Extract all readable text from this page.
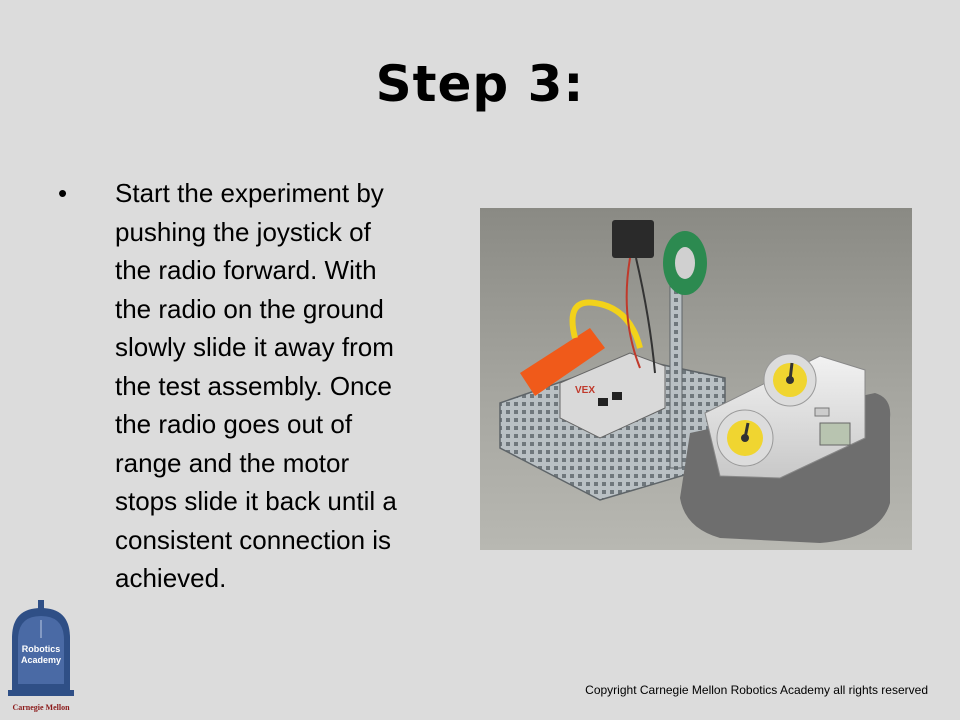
Step 3:
• Start the experiment by
pushing the joystick of
the radio forward. With
the radio on the ground
slowly slide it away from
the test assembly. Once
the radio goes out of
range and the motor
stops slide it back until a
consistent connection is
achieved.
VEX
Robotics
Academy
Carnegie Mellon
Copyright Carnegie Mellon Robotics Academy all rights reserved
